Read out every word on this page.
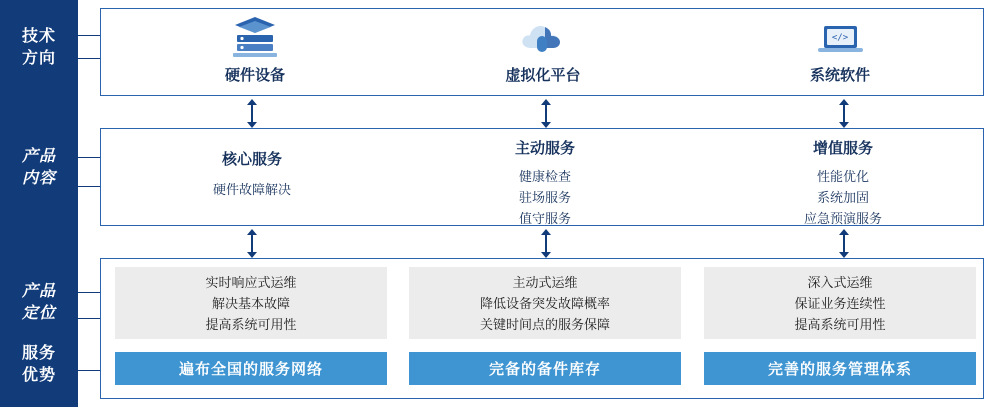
技术
方向
产品
内容
产品
定位
服务
优势
硬件设备	虚拟化平台
</>
系统软件
核心服务
硬件故障解决
主动服务
健康检查
驻场服务
值守服务
增值服务
性能优化
系统加固
应急预演服务
实时响应式运维
解决基本故障
提高系统可用性
主动式运维
降低设备突发故障概率
关键时间点的服务保障
深入式运维
保证业务连续性
提高系统可用性
遍布全国的服务网络	完备的备件库存	完善的服务管理体系
